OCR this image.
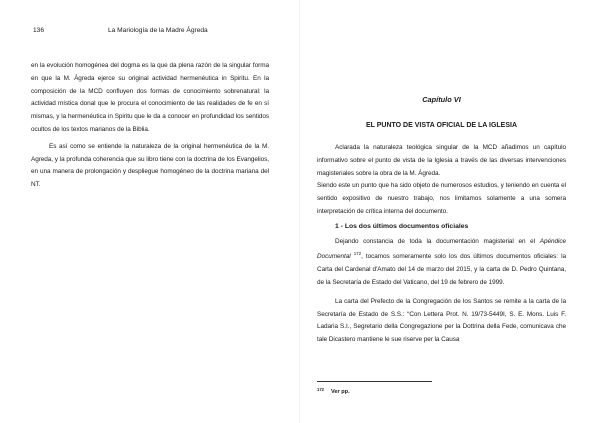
136	La Mariología de la Madre Ágreda

en la evolución homogénea del dogma es la que da plena razón de la singular forma en que la M. Ágreda ejerce su original actividad hermenéutica in Spiritu. En la composición de la MCD confluyen dos formas de conocimiento sobrenatural: la actividad mística donal que le procura el conocimiento de las realidades de fe en sí mismas, y la hermenéutica in Spiritu que le da a conocer en profundidad los sentidos ocultos de los textos marianos de la Biblia.

Es así como se entiende la naturaleza de la original hermenéutica de la M. Agreda, y la profunda coherencia que su libro tiene con la doctrina de los Evangelios, en una manera de prolongación y despliegue homogéneo de la doctrina mariana del NT.

Capítulo VI
EL PUNTO DE VISTA OFICIAL DE LA IGLESIA

Aclarada la naturaleza teológica singular de la MCD añadimos un capítulo informativo sobre el punto de vista de la Iglesia a través de las diversas intervenciones magisteriales sobre la obra de la M. Ágreda.

Siendo este un punto que ha sido objeto de numerosos estudios, y teniendo en cuenta el sentido expositivo de nuestro trabajo, nos limitamos solamente a una somera interpretación de crítica interna del documento.

1 - Los dos últimos documentos oficiales

Dejando constancia de toda la documentación magisterial en el Apéndice Documental $^{172}$, tocamos someramente solo los dos últimos documentos oficiales: la Carta del Cardenal d'Amato del 14 de marzo del 2015, y la carta de D. Pedro Quintana, de la Secretaría de Estado del Vaticano, del 19 de febrero de 1999.

La carta del Prefecto de la Congregación de los Santos se remite a la carta de la Secretaría de Estado de S.S.: “Con Lettera Prot. N. 19/73-5449I, S. E. Mons. Luis F. Ladaria S.I., Segretario della Congregazione per la Dottrina della Fede, comunicava che tale Dicastero mantiene le sue riserve per la Causa

$^{172}$ Ver pp.
